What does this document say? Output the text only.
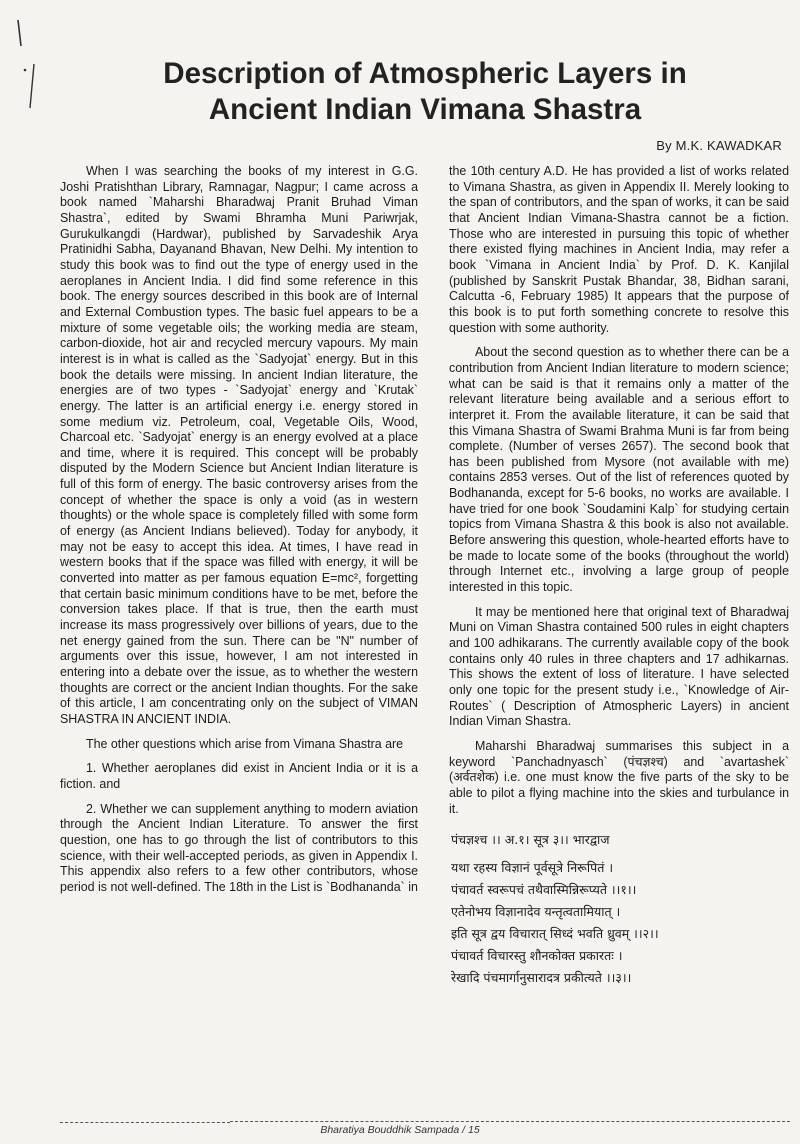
Description of Atmospheric Layers in
Ancient Indian Vimana Shastra
By M.K. KAWADKAR

When I was searching the books of my interest in G.G. Joshi Pratishthan Library, Ramnagar, Nagpur; I came across a book named `Maharshi Bharadwaj Pranit Bruhad Viman Shastra`, edited by Swami Bhramha Muni Pariwrjak, Gurukulkangdi (Hardwar), published by Sarvadeshik Arya Pratinidhi Sabha, Dayanand Bhavan, New Delhi. My intention to study this book was to find out the type of energy used in the aeroplanes in Ancient India. I did find some reference in this book. The energy sources described in this book are of Internal and External Combustion types. The basic fuel appears to be a mixture of some vegetable oils; the working media are steam, carbon-dioxide, hot air and recycled mercury vapours. My main interest is in what is called as the `Sadyojat` energy. But in this book the details were missing. In ancient Indian literature, the energies are of two types - `Sadyojat` energy and `Krutak` energy. The latter is an artificial energy i.e. energy stored in some medium viz. Petroleum, coal, Vegetable Oils, Wood, Charcoal etc. `Sadyojat` energy is an energy evolved at a place and time, where it is required. This concept will be probably disputed by the Modern Science but Ancient Indian literature is full of this form of energy. The basic controversy arises from the concept of whether the space is only a void (as in western thoughts) or the whole space is completely filled with some form of energy (as Ancient Indians believed). Today for anybody, it may not be easy to accept this idea. At times, I have read in western books that if the space was filled with energy, it will be converted into matter as per famous equation E=mc², forgetting that certain basic minimum conditions have to be met, before the conversion takes place. If that is true, then the earth must increase its mass progressively over billions of years, due to the net energy gained from the sun. There can be "N" number of arguments over this issue, however, I am not interested in entering into a debate over the issue, as to whether the western thoughts are correct or the ancient Indian thoughts. For the sake of this article, I am concentrating only on the subject of VIMAN SHASTRA IN ANCIENT INDIA.

The other questions which arise from Vimana Shastra are

1. Whether aeroplanes did exist in Ancient India or it is a fiction. and

2. Whether we can supplement anything to modern aviation through the Ancient Indian Literature. To answer the first question, one has to go through the list of contributors to this science, with their well-accepted periods, as given in Appendix I. This appendix also refers to a few other contributors, whose period is not well-defined. The 18th in the List is `Bodhananda` in

the 10th century A.D. He has provided a list of works related to Vimana Shastra, as given in Appendix II. Merely looking to the span of contributors, and the span of works, it can be said that Ancient Indian Vimana-Shastra cannot be a fiction. Those who are interested in pursuing this topic of whether there existed flying machines in Ancient India, may refer a book `Vimana in Ancient India` by Prof. D. K. Kanjilal (published by Sanskrit Pustak Bhandar, 38, Bidhan sarani, Calcutta -6, February 1985) It appears that the purpose of this book is to put forth something concrete to resolve this question with some authority.

About the second question as to whether there can be a contribution from Ancient Indian literature to modern science; what can be said is that it remains only a matter of the relevant literature being available and a serious effort to interpret it. From the available literature, it can be said that this Vimana Shastra of Swami Brahma Muni is far from being complete. (Number of verses 2657). The second book that has been published from Mysore (not available with me) contains 2853 verses. Out of the list of references quoted by Bodhananda, except for 5-6 books, no works are available. I have tried for one book `Soudamini Kalp` for studying certain topics from Vimana Shastra & this book is also not available. Before answering this question, whole-hearted efforts have to be made to locate some of the books (throughout the world) through Internet etc., involving a large group of people interested in this topic.

It may be mentioned here that original text of Bharadwaj Muni on Viman Shastra contained 500 rules in eight chapters and 100 adhikarans. The currently available copy of the book contains only 40 rules in three chapters and 17 adhikarnas. This shows the extent of loss of literature. I have selected only one topic for the present study i.e., `Knowledge of Air-Routes` ( Description of Atmospheric Layers) in ancient Indian Viman Shastra.

Maharshi Bharadwaj summarises this subject in a keyword `Panchadnyasch` (पंचज्ञश्च) and `avartashek` (अर्वतशेक) i.e. one must know the five parts of the sky to be able to pilot a flying machine into the skies and turbulance in it.

पंचज्ञश्च ।। अ.१। सूत्र ३।। भारद्वाज
यथा रहस्य विज्ञानं पूर्वसूत्रे निरूपितं ।
पंचावर्त स्वरूपचं तथैवास्मिन्निरूप्यते ।।१।।
एतेनोभय विज्ञानादेव यन्तृत्वतामियात् ।
इति सूत्र द्वय विचारात् सिध्दं भवति ध्रुवम् ।।२।।
पंचावर्त विचारस्तु शौनकोक्त प्रकारतः ।
रेखादि पंचमार्गानुसारादत्र प्रकीत्यते ।।३।।
Bharatiya Bouddhik Sampada / 15
